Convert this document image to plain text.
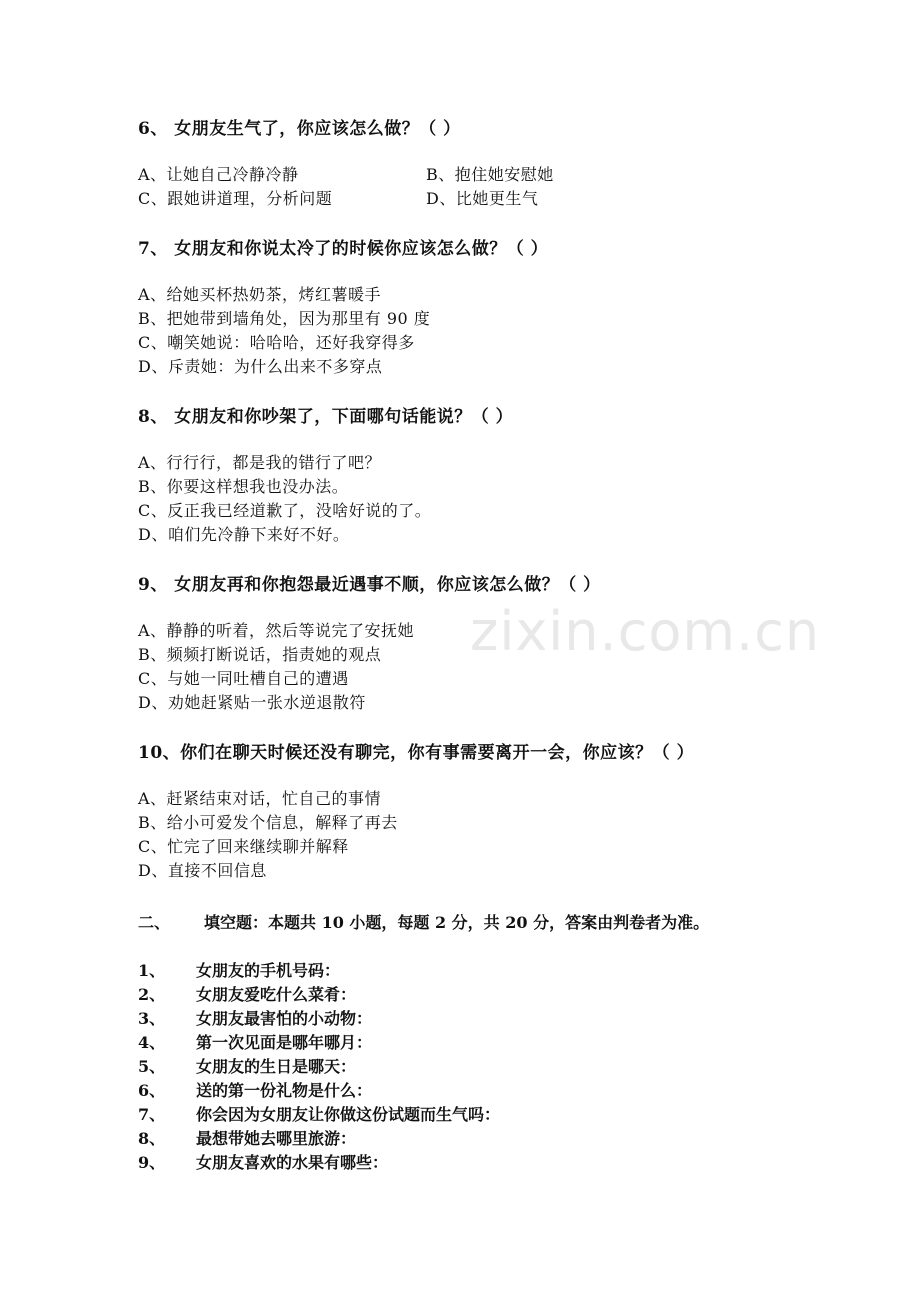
zixin.com.cn
6、 女朋友生气了，你应该怎么做？（ ）
A、让她自己冷静冷静	B、抱住她安慰她
C、跟她讲道理，分析问题	D、比她更生气
7、 女朋友和你说太冷了的时候你应该怎么做？（ ）
A、给她买杯热奶茶，烤红薯暖手
B、把她带到墙角处，因为那里有 90 度
C、嘲笑她说：哈哈哈，还好我穿得多
D、斥责她：为什么出来不多穿点
8、 女朋友和你吵架了，下面哪句话能说？（ ）
A、行行行，都是我的错行了吧？
B、你要这样想我也没办法。
C、反正我已经道歉了，没啥好说的了。
D、咱们先冷静下来好不好。
9、 女朋友再和你抱怨最近遇事不顺，你应该怎么做？（ ）
A、静静的听着，然后等说完了安抚她
B、频频打断说话，指责她的观点
C、与她一同吐槽自己的遭遇
D、劝她赶紧贴一张水逆退散符
10、你们在聊天时候还没有聊完，你有事需要离开一会，你应该？（ ）
A、赶紧结束对话，忙自己的事情
B、给小可爱发个信息，解释了再去
C、忙完了回来继续聊并解释
D、直接不回信息
二、 填空题：本题共 10 小题，每题 2 分，共 20 分，答案由判卷者为准。
1、 女朋友的手机号码：
2、 女朋友爱吃什么菜肴：
3、 女朋友最害怕的小动物：
4、 第一次见面是哪年哪月：
5、 女朋友的生日是哪天：
6、 送的第一份礼物是什么：
7、 你会因为女朋友让你做这份试题而生气吗：
8、 最想带她去哪里旅游：
9、 女朋友喜欢的水果有哪些：
